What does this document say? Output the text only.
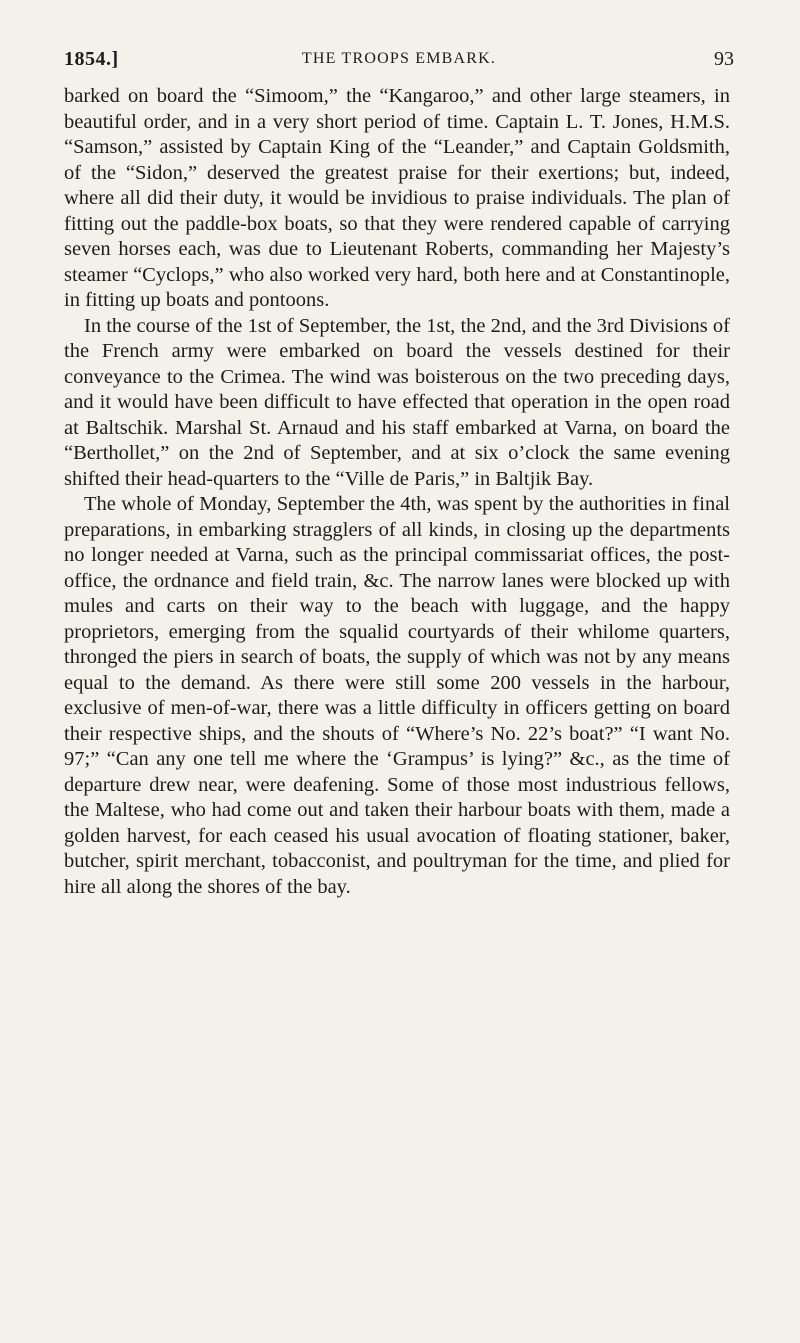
1854.]	THE TROOPS EMBARK.	93

barked on board the “Simoom,” the “Kangaroo,” and other large steamers, in beautiful order, and in a very short period of time. Captain L. T. Jones, H.M.S. “Samson,” assisted by Captain King of the “Leander,” and Captain Goldsmith, of the “Sidon,” deserved the greatest praise for their exertions; but, indeed, where all did their duty, it would be invidious to praise individuals. The plan of fitting out the paddle-box boats, so that they were rendered capable of carrying seven horses each, was due to Lieutenant Roberts, commanding her Majesty’s steamer “Cyclops,” who also worked very hard, both here and at Constantinople, in fitting up boats and pontoons.

In the course of the 1st of September, the 1st, the 2nd, and the 3rd Divisions of the French army were embarked on board the vessels destined for their conveyance to the Crimea. The wind was boisterous on the two preceding days, and it would have been difficult to have effected that operation in the open road at Baltschik. Marshal St. Arnaud and his staff embarked at Varna, on board the “Berthollet,” on the 2nd of September, and at six o’clock the same evening shifted their head-quarters to the “Ville de Paris,” in Baltjik Bay.

The whole of Monday, September the 4th, was spent by the authorities in final preparations, in embarking stragglers of all kinds, in closing up the departments no longer needed at Varna, such as the principal commissariat offices, the post-office, the ordnance and field train, &c. The narrow lanes were blocked up with mules and carts on their way to the beach with luggage, and the happy proprietors, emerging from the squalid courtyards of their whilome quarters, thronged the piers in search of boats, the supply of which was not by any means equal to the demand. As there were still some 200 vessels in the harbour, exclusive of men-of-war, there was a little difficulty in officers getting on board their respective ships, and the shouts of “Where’s No. 22’s boat?” “I want No. 97;” “Can any one tell me where the ‘Grampus’ is lying?” &c., as the time of departure drew near, were deafening. Some of those most industrious fellows, the Maltese, who had come out and taken their harbour boats with them, made a golden harvest, for each ceased his usual avocation of floating stationer, baker, butcher, spirit merchant, tobacconist, and poultryman for the time, and plied for hire all along the shores of the bay.
